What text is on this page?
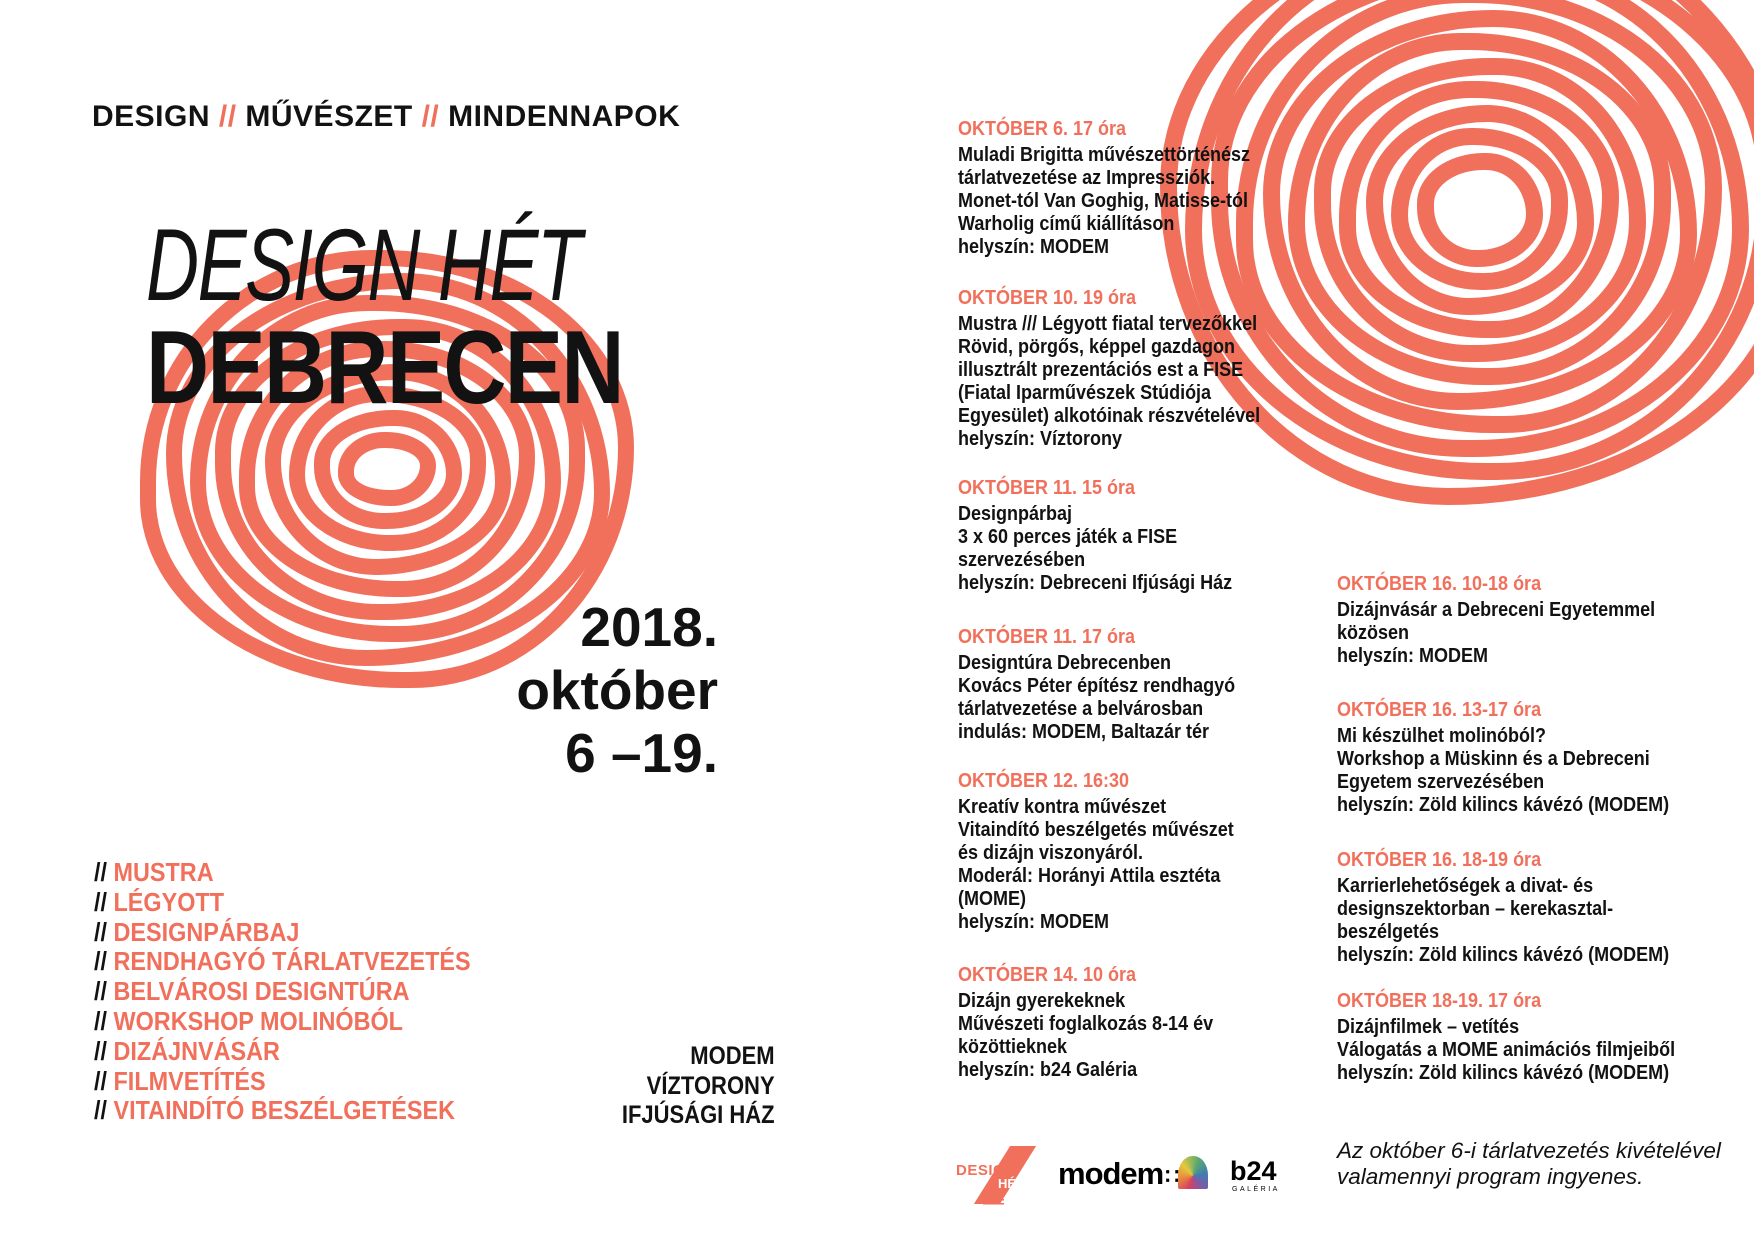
DESIGN // MŰVÉSZET // MINDENNAPOK
DESIGN HÉT
DEBRECEN
2018.
október
6 –19.
// MUSTRA
// LÉGYOTT
// DESIGNPÁRBAJ
// RENDHAGYÓ TÁRLATVEZETÉS
// BELVÁROSI DESIGNTÚRA
// WORKSHOP MOLINÓBÓL
// DIZÁJNVÁSÁR
// FILMVETÍTÉS
// VITAINDÍTÓ BESZÉLGETÉSEK
MODEM
VÍZTORONY
IFJÚSÁGI HÁZ
OKTÓBER 6. 17 óra
Muladi Brigitta művészettörténész
tárlatvezetése az Impressziók.
Monet-tól Van Goghig, Matisse-tól
Warholig című kiállításon
helyszín: MODEM
OKTÓBER 10. 19 óra
Mustra /// Légyott fiatal tervezőkkel
Rövid, pörgős, képpel gazdagon
illusztrált prezentációs est a FISE
(Fiatal Iparművészek Stúdiója
Egyesület) alkotóinak részvételével
helyszín: Víztorony
OKTÓBER 11. 15 óra
Designpárbaj
3 x 60 perces játék a FISE
szervezésében
helyszín: Debreceni Ifjúsági Ház
OKTÓBER 11. 17 óra
Designtúra Debrecenben
Kovács Péter építész rendhagyó
tárlatvezetése a belvárosban
indulás: MODEM, Baltazár tér
OKTÓBER 12. 16:30
Kreatív kontra művészet
Vitaindító beszélgetés művészet
és dizájn viszonyáról.
Moderál: Horányi Attila esztéta
(MOME)
helyszín: MODEM
OKTÓBER 14. 10 óra
Dizájn gyerekeknek
Művészeti foglalkozás 8-14 év
közöttieknek
helyszín: b24 Galéria
OKTÓBER 16. 10-18 óra
Dizájnvásár a Debreceni Egyetemmel
közösen
helyszín: MODEM
OKTÓBER 16. 13-17 óra
Mi készülhet molinóból?
Workshop a Müskinn és a Debreceni
Egyetem szervezésében
helyszín: Zöld kilincs kávézó (MODEM)
OKTÓBER 16. 18-19 óra
Karrierlehetőségek a divat- és
designszektorban – kerekasztal-
beszélgetés
helyszín: Zöld kilincs kávézó (MODEM)
OKTÓBER 18-19. 17 óra
Dizájnfilmek – vetítés
Válogatás a MOME animációs filmjeiből
helyszín: Zöld kilincs kávézó (MODEM)
DESIGN
HÉT modem∷ b24
GALÉRIA
Az október 6-i tárlatvezetés kivételével
valamennyi program ingyenes.
